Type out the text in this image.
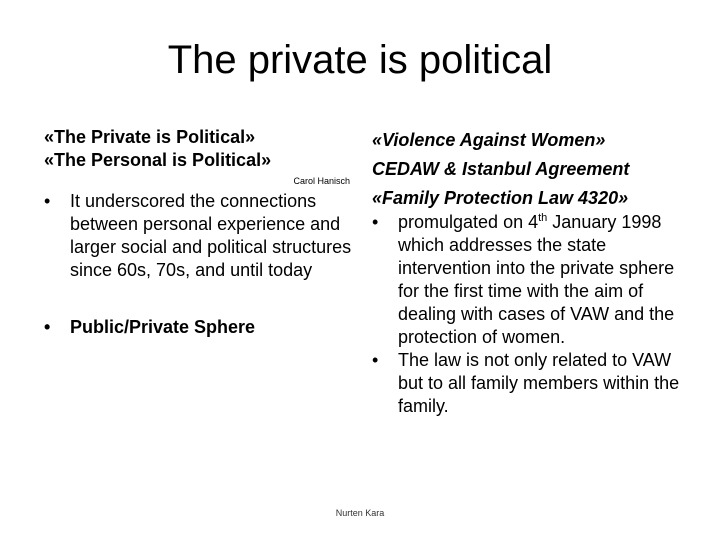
The private is political
«The Private is Political»
«The Personal is Political»
Carol Hanisch
• It underscored the connections between personal experience and larger social and political structures since 60s, 70s, and until today
• Public/Private Sphere
«Violence Against Women»
CEDAW & Istanbul Agreement
«Family Protection Law 4320»
• promulgated on 4th January 1998 which addresses the state intervention into the private sphere for the first time with the aim of dealing with cases of VAW and the protection of women.
• The law is not only related to VAW but to all family members within the family.
Nurten Kara
